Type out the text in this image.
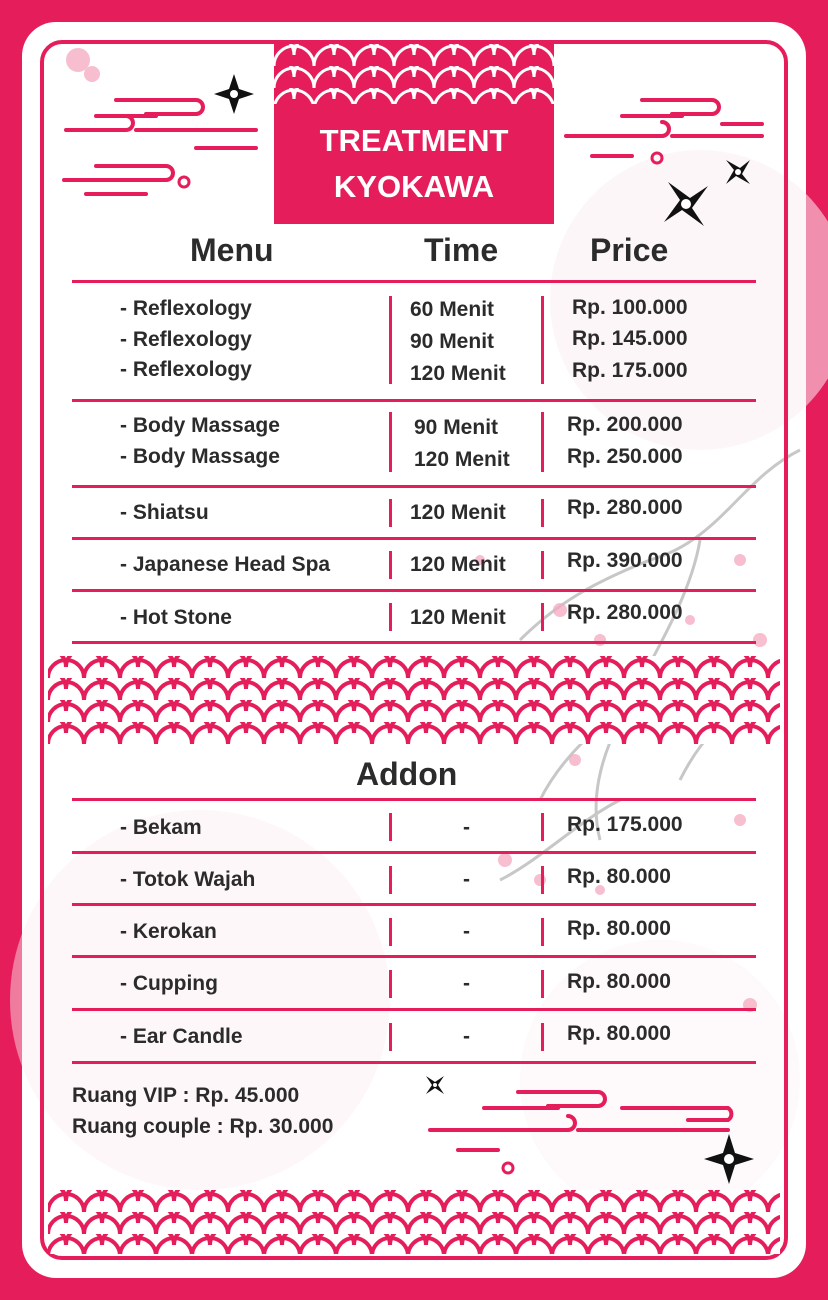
TREATMENT
KYOKAWA
Menu	Time	Price
- Reflexology	60 Menit	Rp. 100.000
- Reflexology	90 Menit	Rp. 145.000
- Reflexology	120 Menit	Rp. 175.000
- Body Massage	90 Menit	Rp. 200.000
- Body Massage	120 Menit	Rp. 250.000
- Shiatsu	120 Menit	Rp. 280.000
- Japanese Head Spa	120 Menit	Rp. 390.000
- Hot Stone	120 Menit	Rp. 280.000
Addon
- Bekam	-	Rp. 175.000
- Totok Wajah	-	Rp. 80.000
- Kerokan	-	Rp. 80.000
- Cupping	-	Rp. 80.000
- Ear Candle	-	Rp. 80.000
Ruang VIP : Rp. 45.000
Ruang couple : Rp. 30.000
